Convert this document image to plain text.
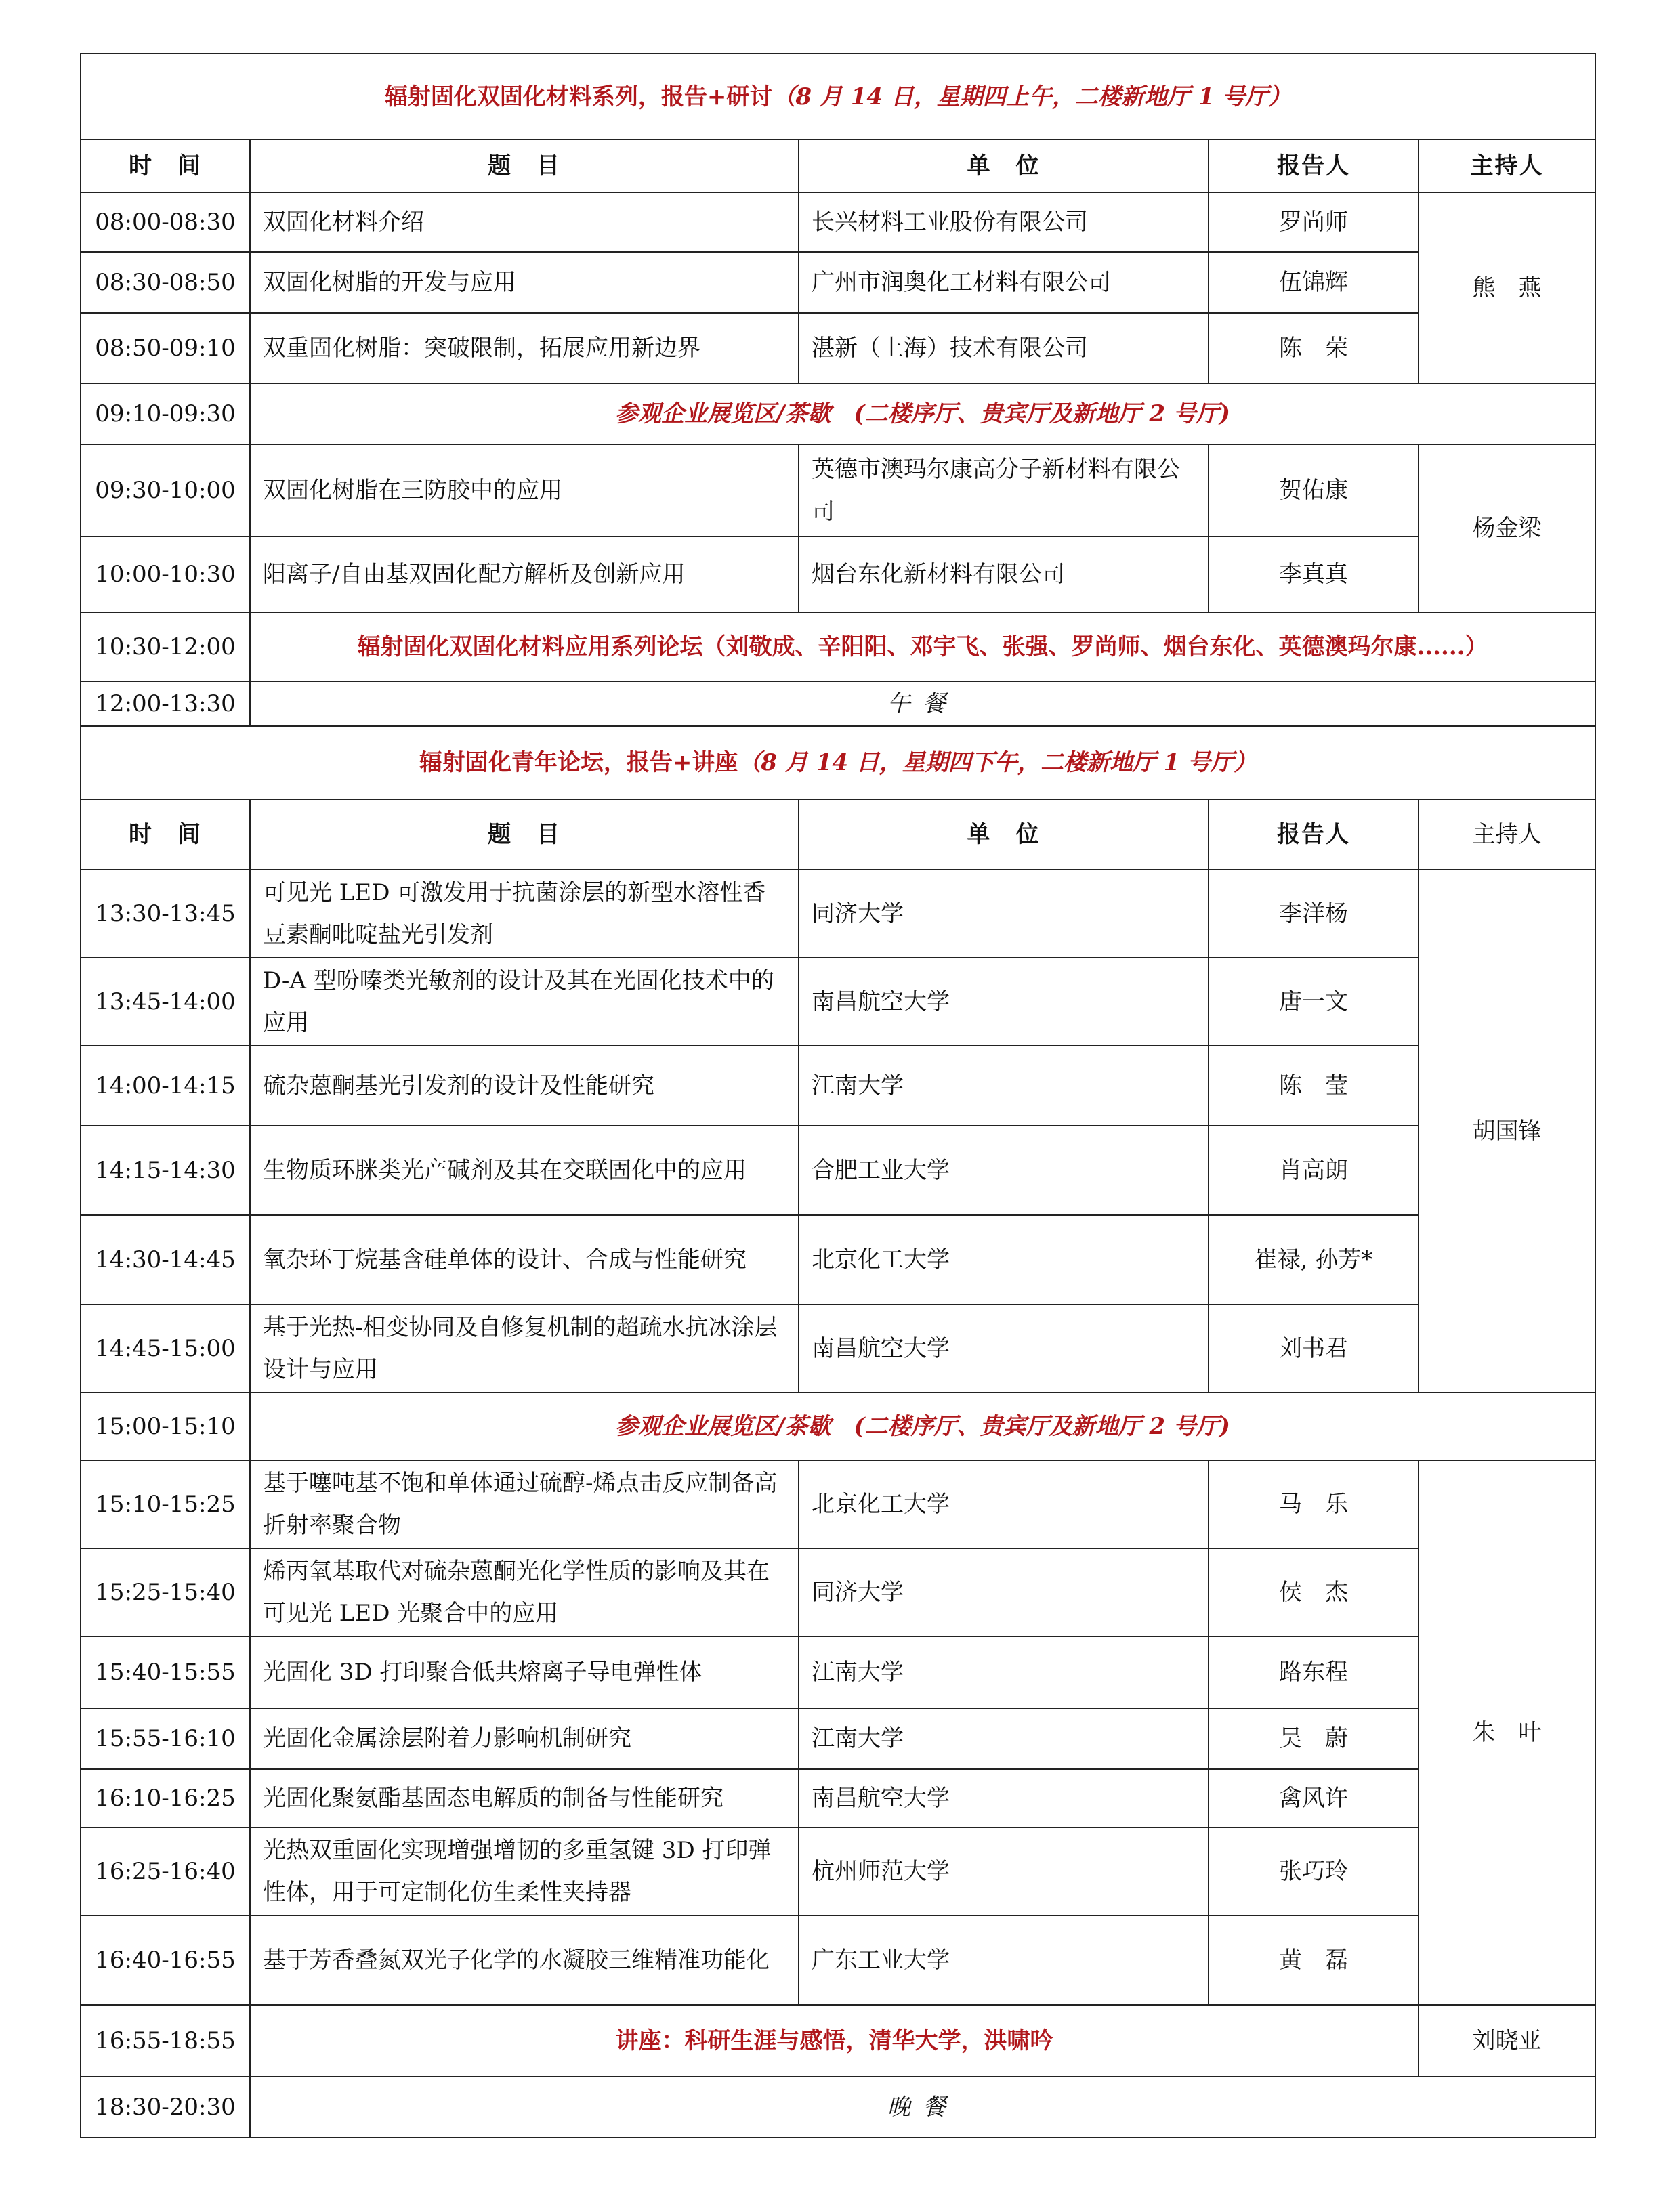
辐射固化双固化材料系列，报告+研讨（8 月 14 日，星期四上午，二楼新地厅 1 号厅）				
时　间	题　目	单　位	报告人	主持人
08:00-08:30	双固化材料介绍	长兴材料工业股份有限公司	罗尚师	熊　燕
08:30-08:50	双固化树脂的开发与应用	广州市润奥化工材料有限公司	伍锦辉	
08:50-09:10	双重固化树脂：突破限制，拓展应用新边界	湛新（上海）技术有限公司	陈　荣	
09:10-09:30	参观企业展览区/茶歇　(二楼序厅、贵宾厅及新地厅 2 号厅)			
09:30-10:00	双固化树脂在三防胶中的应用	英德市澳玛尔康高分子新材料有限公司	贺佑康	杨金梁
10:00-10:30	阳离子/自由基双固化配方解析及创新应用	烟台东化新材料有限公司	李真真	
10:30-12:00	辐射固化双固化材料应用系列论坛（刘敬成、辛阳阳、邓宇飞、张强、罗尚师、烟台东化、英德澳玛尔康......）			
12:00-13:30	午餐			
辐射固化青年论坛，报告+讲座（8 月 14 日，星期四下午，二楼新地厅 1 号厅）				
时　间	题　目	单　位	报告人	主持人
13:30-13:45	可见光 LED 可激发用于抗菌涂层的新型水溶性香豆素酮吡啶盐光引发剂	同济大学	李洋杨	胡国锋
13:45-14:00	D-A 型吩嗪类光敏剂的设计及其在光固化技术中的应用	南昌航空大学	唐一文	
14:00-14:15	硫杂蒽酮基光引发剂的设计及性能研究	江南大学	陈　莹	
14:15-14:30	生物质环脒类光产碱剂及其在交联固化中的应用	合肥工业大学	肖高朗	
14:30-14:45	氧杂环丁烷基含硅单体的设计、合成与性能研究	北京化工大学	崔禄, 孙芳*	
14:45-15:00	基于光热-相变协同及自修复机制的超疏水抗冰涂层设计与应用	南昌航空大学	刘书君	
15:00-15:10	参观企业展览区/茶歇　(二楼序厅、贵宾厅及新地厅 2 号厅)			
15:10-15:25	基于噻吨基不饱和单体通过硫醇-烯点击反应制备高折射率聚合物	北京化工大学	马　乐	朱　叶
15:25-15:40	烯丙氧基取代对硫杂蒽酮光化学性质的影响及其在可见光 LED 光聚合中的应用	同济大学	侯　杰	
15:40-15:55	光固化 3D 打印聚合低共熔离子导电弹性体	江南大学	路东程	
15:55-16:10	光固化金属涂层附着力影响机制研究	江南大学	吴　蔚	
16:10-16:25	光固化聚氨酯基固态电解质的制备与性能研究	南昌航空大学	禽风许	
16:25-16:40	光热双重固化实现增强增韧的多重氢键 3D 打印弹性体，用于可定制化仿生柔性夹持器	杭州师范大学	张巧玲	
16:40-16:55	基于芳香叠氮双光子化学的水凝胶三维精准功能化	广东工业大学	黄　磊	
16:55-18:55	讲座：科研生涯与感悟，清华大学，洪啸吟			刘晓亚
18:30-20:30	晚餐			
